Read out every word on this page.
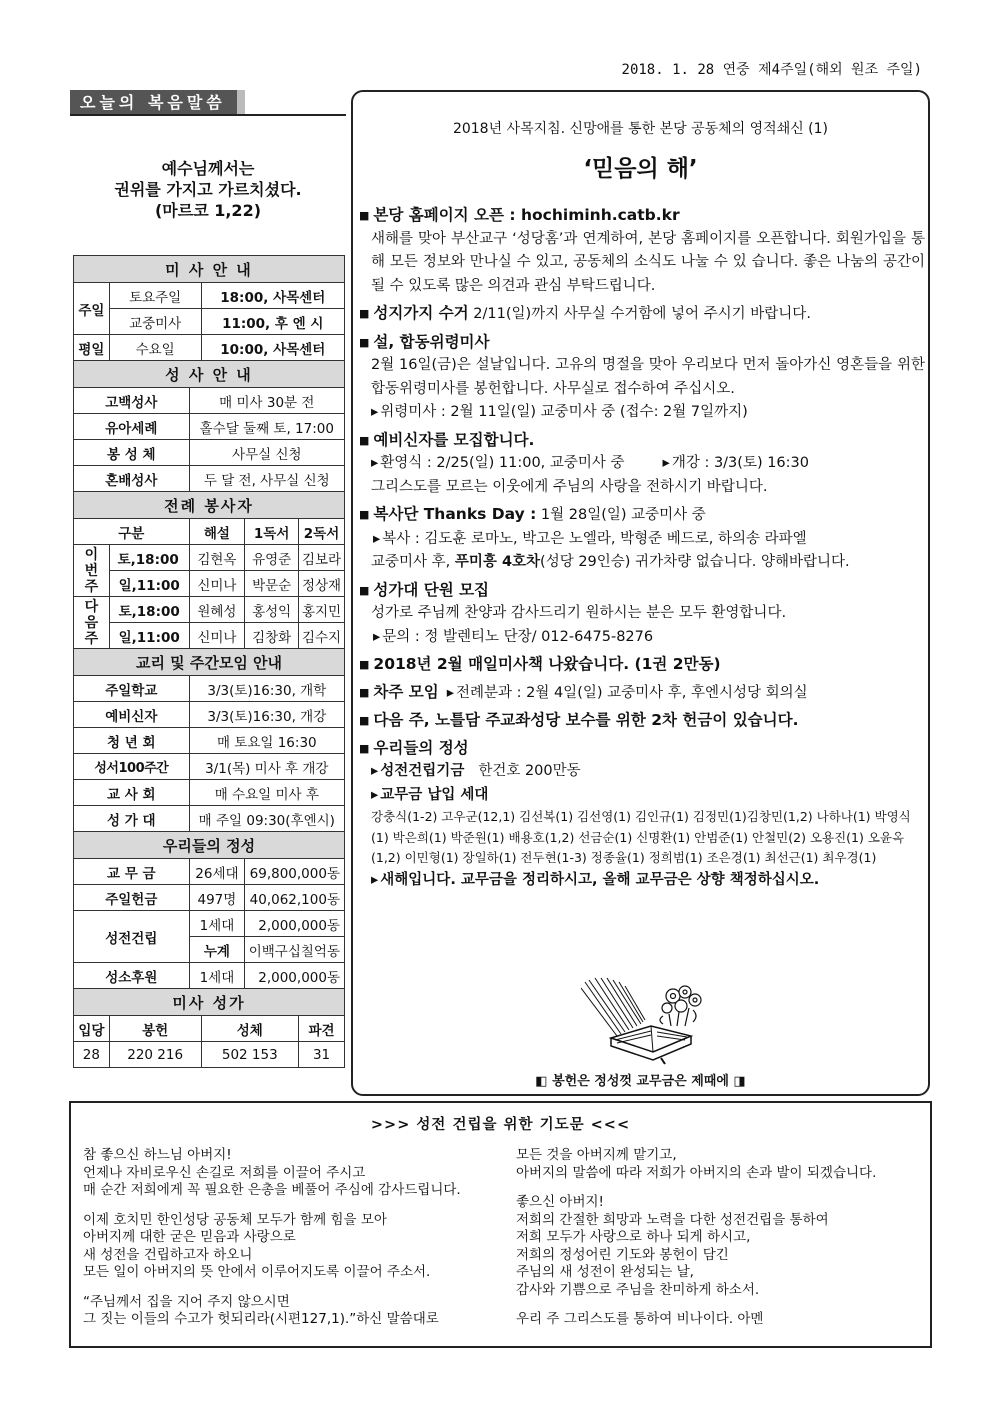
2018. 1. 28 연중 제4주일(해외 원조 주일)
오늘의 복음말씀
예수님께서는
권위를 가지고 가르치셨다.
(마르코 1,22)
미 사 안 내					
주일	토요주일		18:00, 사목센터		
	교중미사		11:00, 후 엔 시		
평일	수요일		10:00, 사목센터		
성 사 안 내					
고백성사		매 미사 30분 전			
유아세례		홀수달 둘째 토, 17:00			
봉 성 체		사무실 신청			
혼배성사		두 달 전, 사무실 신청			
전례 봉사자					
구분		해설		1독서	2독서

이번주	토,18:00	김현옥		유영준	김보라
	일,11:00	신미나		박문순	정상재

다음주	토,18:00	원혜성		홍성익	홍지민
	일,11:00	신미나		김창화	김수지
교리 및 주간모임 안내					
주일학교		3/3(토)16:30, 개학			
예비신자		3/3(토)16:30, 개강			
청 년 회		매 토요일 16:30			
성서100주간		3/1(목) 미사 후 개강			
교 사 회		매 수요일 미사 후			
성 가 대		매 주일 09:30(후엔시)			
우리들의 정성					
교 무 금		26세대		69,800,000동	
주일헌금		497명		40,062,100동	
성전건립		1세대		2,000,000동	
		누계		이백구십칠억동	
성소후원		1세대		2,000,000동	
미사 성가					
입당	봉헌		성체		파견
28	220 216		502 153		31
2018년 사목지침. 신망애를 통한 본당 공동체의 영적쇄신 (1)
‘믿음의 해’
■ 본당 홈페이지 오픈 : hochiminh.catb.kr
새해를 맞아 부산교구 ‘성당홈’과 연계하여, 본당 홈페이지를 오픈합니다. 회원가입을 통해 모든 정보와 만나실 수 있고, 공동체의 소식도 나눌 수 있 습니다. 좋은 나눔의 공간이 될 수 있도록 많은 의견과 관심 부탁드립니다.
■ 성지가지 수거 2/11(일)까지 사무실 수거함에 넣어 주시기 바랍니다.
■ 설, 합동위령미사
2월 16일(금)은 설날입니다. 고유의 명절을 맞아 우리보다 먼저 돌아가신 영혼들을 위한 합동위령미사를 봉헌합니다. 사무실로 접수하여 주십시오.
▸ 위령미사 : 2월 11일(일) 교중미사 중 (접수: 2월 7일까지)
■ 예비신자를 모집합니다.
▸ 환영식 : 2/25(일) 11:00, 교중미사 중	▸ 개강 : 3/3(토) 16:30
그리스도를 모르는 이웃에게 주님의 사랑을 전하시기 바랍니다.
■ 복사단 Thanks Day : 1월 28일(일) 교중미사 중
▸ 복사 : 김도훈 로마노, 박고은 노엘라, 박형준 베드로, 하의송 라파엘
교중미사 후, 푸미흥 4호차(성당 29인승) 귀가차량 없습니다. 양해바랍니다.
■ 성가대 단원 모집
성가로 주님께 찬양과 감사드리기 원하시는 분은 모두 환영합니다.
▸ 문의 : 정 발렌티노 단장/ 012-6475-8276
■ 2018년 2월 매일미사책 나왔습니다. (1권 2만동)
■ 차주 모임 ▸ 전례분과 : 2월 4일(일) 교중미사 후, 후엔시성당 회의실
■ 다음 주, 노틀담 주교좌성당 보수를 위한 2차 헌금이 있습니다.
■ 우리들의 정성
▸ 성전건립기금 한건호 200만동
▸ 교무금 납입 세대
강충식(1-2) 고우군(12,1) 김선복(1) 김선영(1) 김인규(1) 김정민(1)김창민(1,2) 나하나(1) 박영식(1) 박은희(1) 박준원(1) 배용호(1,2) 선금순(1) 신명환(1) 안범준(1) 안철민(2) 오용진(1) 오윤옥(1,2) 이민형(1) 장일하(1) 전두현(1-3) 정종율(1) 정희범(1) 조은경(1) 최선근(1) 최우경(1)
▸ 새해입니다. 교무금을 정리하시고, 올해 교무금은 상향 책정하십시오.
◧ 봉헌은 정성껏 교무금은 제때에 ◨
>>> 성전 건립을 위한 기도문 <<<

참 좋으신 하느님 아버지!
언제나 자비로우신 손길로 저희를 이끌어 주시고
매 순간 저희에게 꼭 필요한 은총을 베풀어 주심에 감사드립니다.

이제 호치민 한인성당 공동체 모두가 함께 힘을 모아
아버지께 대한 굳은 믿음과 사랑으로
새 성전을 건립하고자 하오니
모든 일이 아버지의 뜻 안에서 이루어지도록 이끌어 주소서.

“주님께서 집을 지어 주지 않으시면
그 짓는 이들의 수고가 헛되리라(시편127,1).”하신 말씀대로

모든 것을 아버지께 맡기고,
아버지의 말씀에 따라 저희가 아버지의 손과 발이 되겠습니다.

좋으신 아버지!
저희의 간절한 희망과 노력을 다한 성전건립을 통하여
저희 모두가 사랑으로 하나 되게 하시고,
저희의 정성어린 기도와 봉헌이 담긴
주님의 새 성전이 완성되는 날,
감사와 기쁨으로 주님을 찬미하게 하소서.

우리 주 그리스도를 통하여 비나이다. 아멘
